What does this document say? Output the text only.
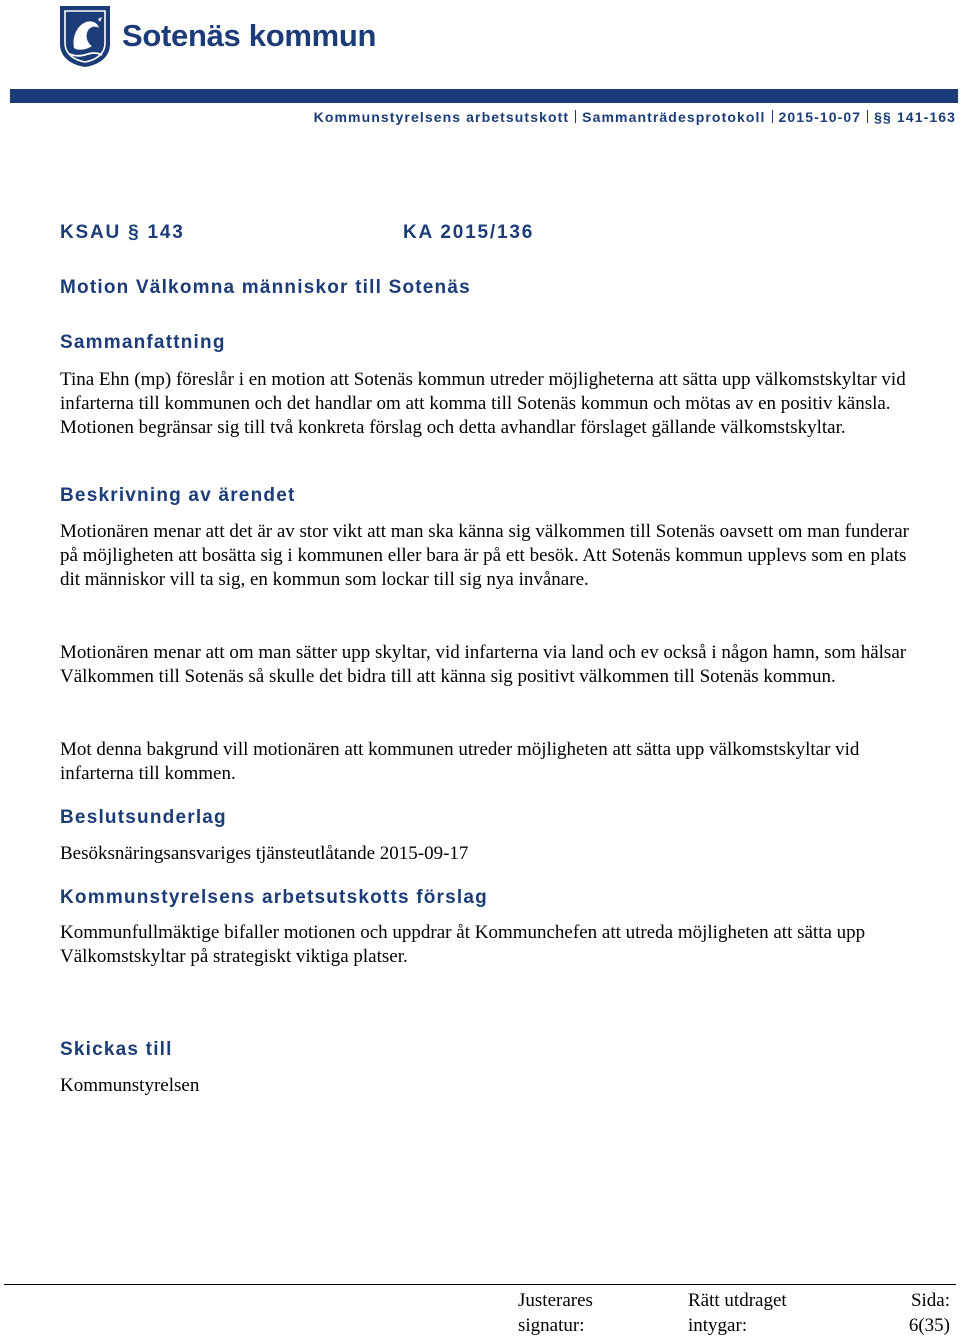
Sotenäs kommun
Kommunstyrelsens arbetsutskott Sammanträdesprotokoll 2015-10-07 §§ 141-163
KSAU § 143	KA 2015/136
Motion Välkomna människor till Sotenäs
Sammanfattning

Tina Ehn (mp) föreslår i en motion att Sotenäs kommun utreder möjligheterna att sätta upp välkomstskyltar vid infarterna till kommunen och det handlar om att komma till Sotenäs kommun och mötas av en positiv känsla. Motionen begränsar sig till två konkreta förslag och detta avhandlar förslaget gällande välkomstskyltar.

Beskrivning av ärendet

Motionären menar att det är av stor vikt att man ska känna sig välkommen till Sotenäs oavsett om man funderar på möjligheten att bosätta sig i kommunen eller bara är på ett besök. Att Sotenäs kommun upplevs som en plats dit människor vill ta sig, en kommun som lockar till sig nya invånare.

Motionären menar att om man sätter upp skyltar, vid infarterna via land och ev också i någon hamn, som hälsar Välkommen till Sotenäs så skulle det bidra till att känna sig positivt välkommen till Sotenäs kommun.

Mot denna bakgrund vill motionären att kommunen utreder möjligheten att sätta upp välkomstskyltar vid infarterna till kommen.

Beslutsunderlag

Besöksnäringsansvariges tjänsteutlåtande 2015-09-17

Kommunstyrelsens arbetsutskotts förslag

Kommunfullmäktige bifaller motionen och uppdrar åt Kommunchefen att utreda möjligheten att sätta upp Välkomstskyltar på strategiskt viktiga platser.

Skickas till

Kommunstyrelsen

Justerares
signatur:
Rätt utdraget
intygar:
Sida:
6(35)
